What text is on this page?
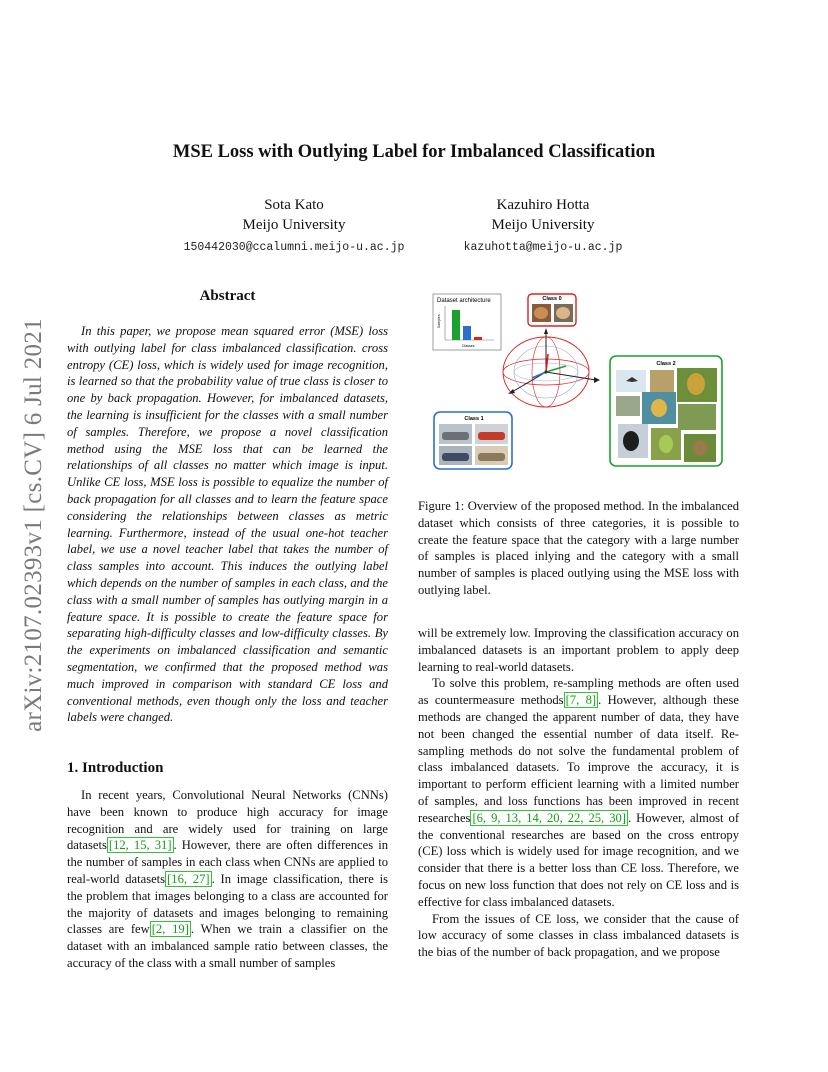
arXiv:2107.02393v1 [cs.CV] 6 Jul 2021
MSE Loss with Outlying Label for Imbalanced Classification
Sota Kato
Meijo University
150442030@ccalumni.meijo-u.ac.jp
Kazuhiro Hotta
Meijo University
kazuhotta@meijo-u.ac.jp
Abstract

In this paper, we propose mean squared error (MSE) loss with outlying label for class imbalanced classification. cross entropy (CE) loss, which is widely used for image recognition, is learned so that the probability value of true class is closer to one by back propagation. However, for imbalanced datasets, the learning is insufficient for the classes with a small number of samples. Therefore, we propose a novel classification method using the MSE loss that can be learned the relationships of all classes no matter which image is input. Unlike CE loss, MSE loss is possible to equalize the number of back propagation for all classes and to learn the feature space considering the relationships between classes as metric learning. Furthermore, instead of the usual one-hot teacher label, we use a novel teacher label that takes the number of class samples into account. This induces the outlying label which depends on the number of samples in each class, and the class with a small number of samples has outlying margin in a feature space. It is possible to create the feature space for separating high-difficulty classes and low-difficulty classes. By the experiments on imbalanced classification and semantic segmentation, we confirmed that the proposed method was much improved in comparison with standard CE loss and conventional methods, even though only the loss and teacher labels were changed.

1. Introduction

In recent years, Convolutional Neural Networks (CNNs) have been known to produce high accuracy for image recognition and are widely used for training on large datasets [12, 15, 31] . However, there are often differences in the number of samples in each class when CNNs are applied to real-world datasets [16, 27] . In image classification, there is the problem that images belonging to a class are accounted for the majority of datasets and images belonging to remaining classes are few [2, 19] . When we train a classifier on the dataset with an imbalanced sample ratio between classes, the accuracy of the class with a small number of samples

Dataset architecture
Samples
Classes
Class 0
Class 1
Class 2

Figure 1: Overview of the proposed method. In the imbalanced dataset which consists of three categories, it is possible to create the feature space that the category with a large number of samples is placed inlying and the category with a small number of samples is placed outlying using the MSE loss with outlying label.

will be extremely low. Improving the classification accuracy on imbalanced datasets is an important problem to apply deep learning to real-world datasets.

To solve this problem, re-sampling methods are often used as countermeasure methods [7, 8] . However, although these methods are changed the apparent number of data, they have not been changed the essential number of data itself. Re-sampling methods do not solve the fundamental problem of class imbalanced datasets. To improve the accuracy, it is important to perform efficient learning with a limited number of samples, and loss functions has been improved in recent researches [6, 9, 13, 14, 20, 22, 25, 30] . However, almost of the conventional researches are based on the cross entropy (CE) loss which is widely used for image recognition, and we consider that there is a better loss than CE loss. Therefore, we focus on new loss function that does not rely on CE loss and is effective for class imbalanced datasets.

From the issues of CE loss, we consider that the cause of low accuracy of some classes in class imbalanced datasets is the bias of the number of back propagation, and we propose
